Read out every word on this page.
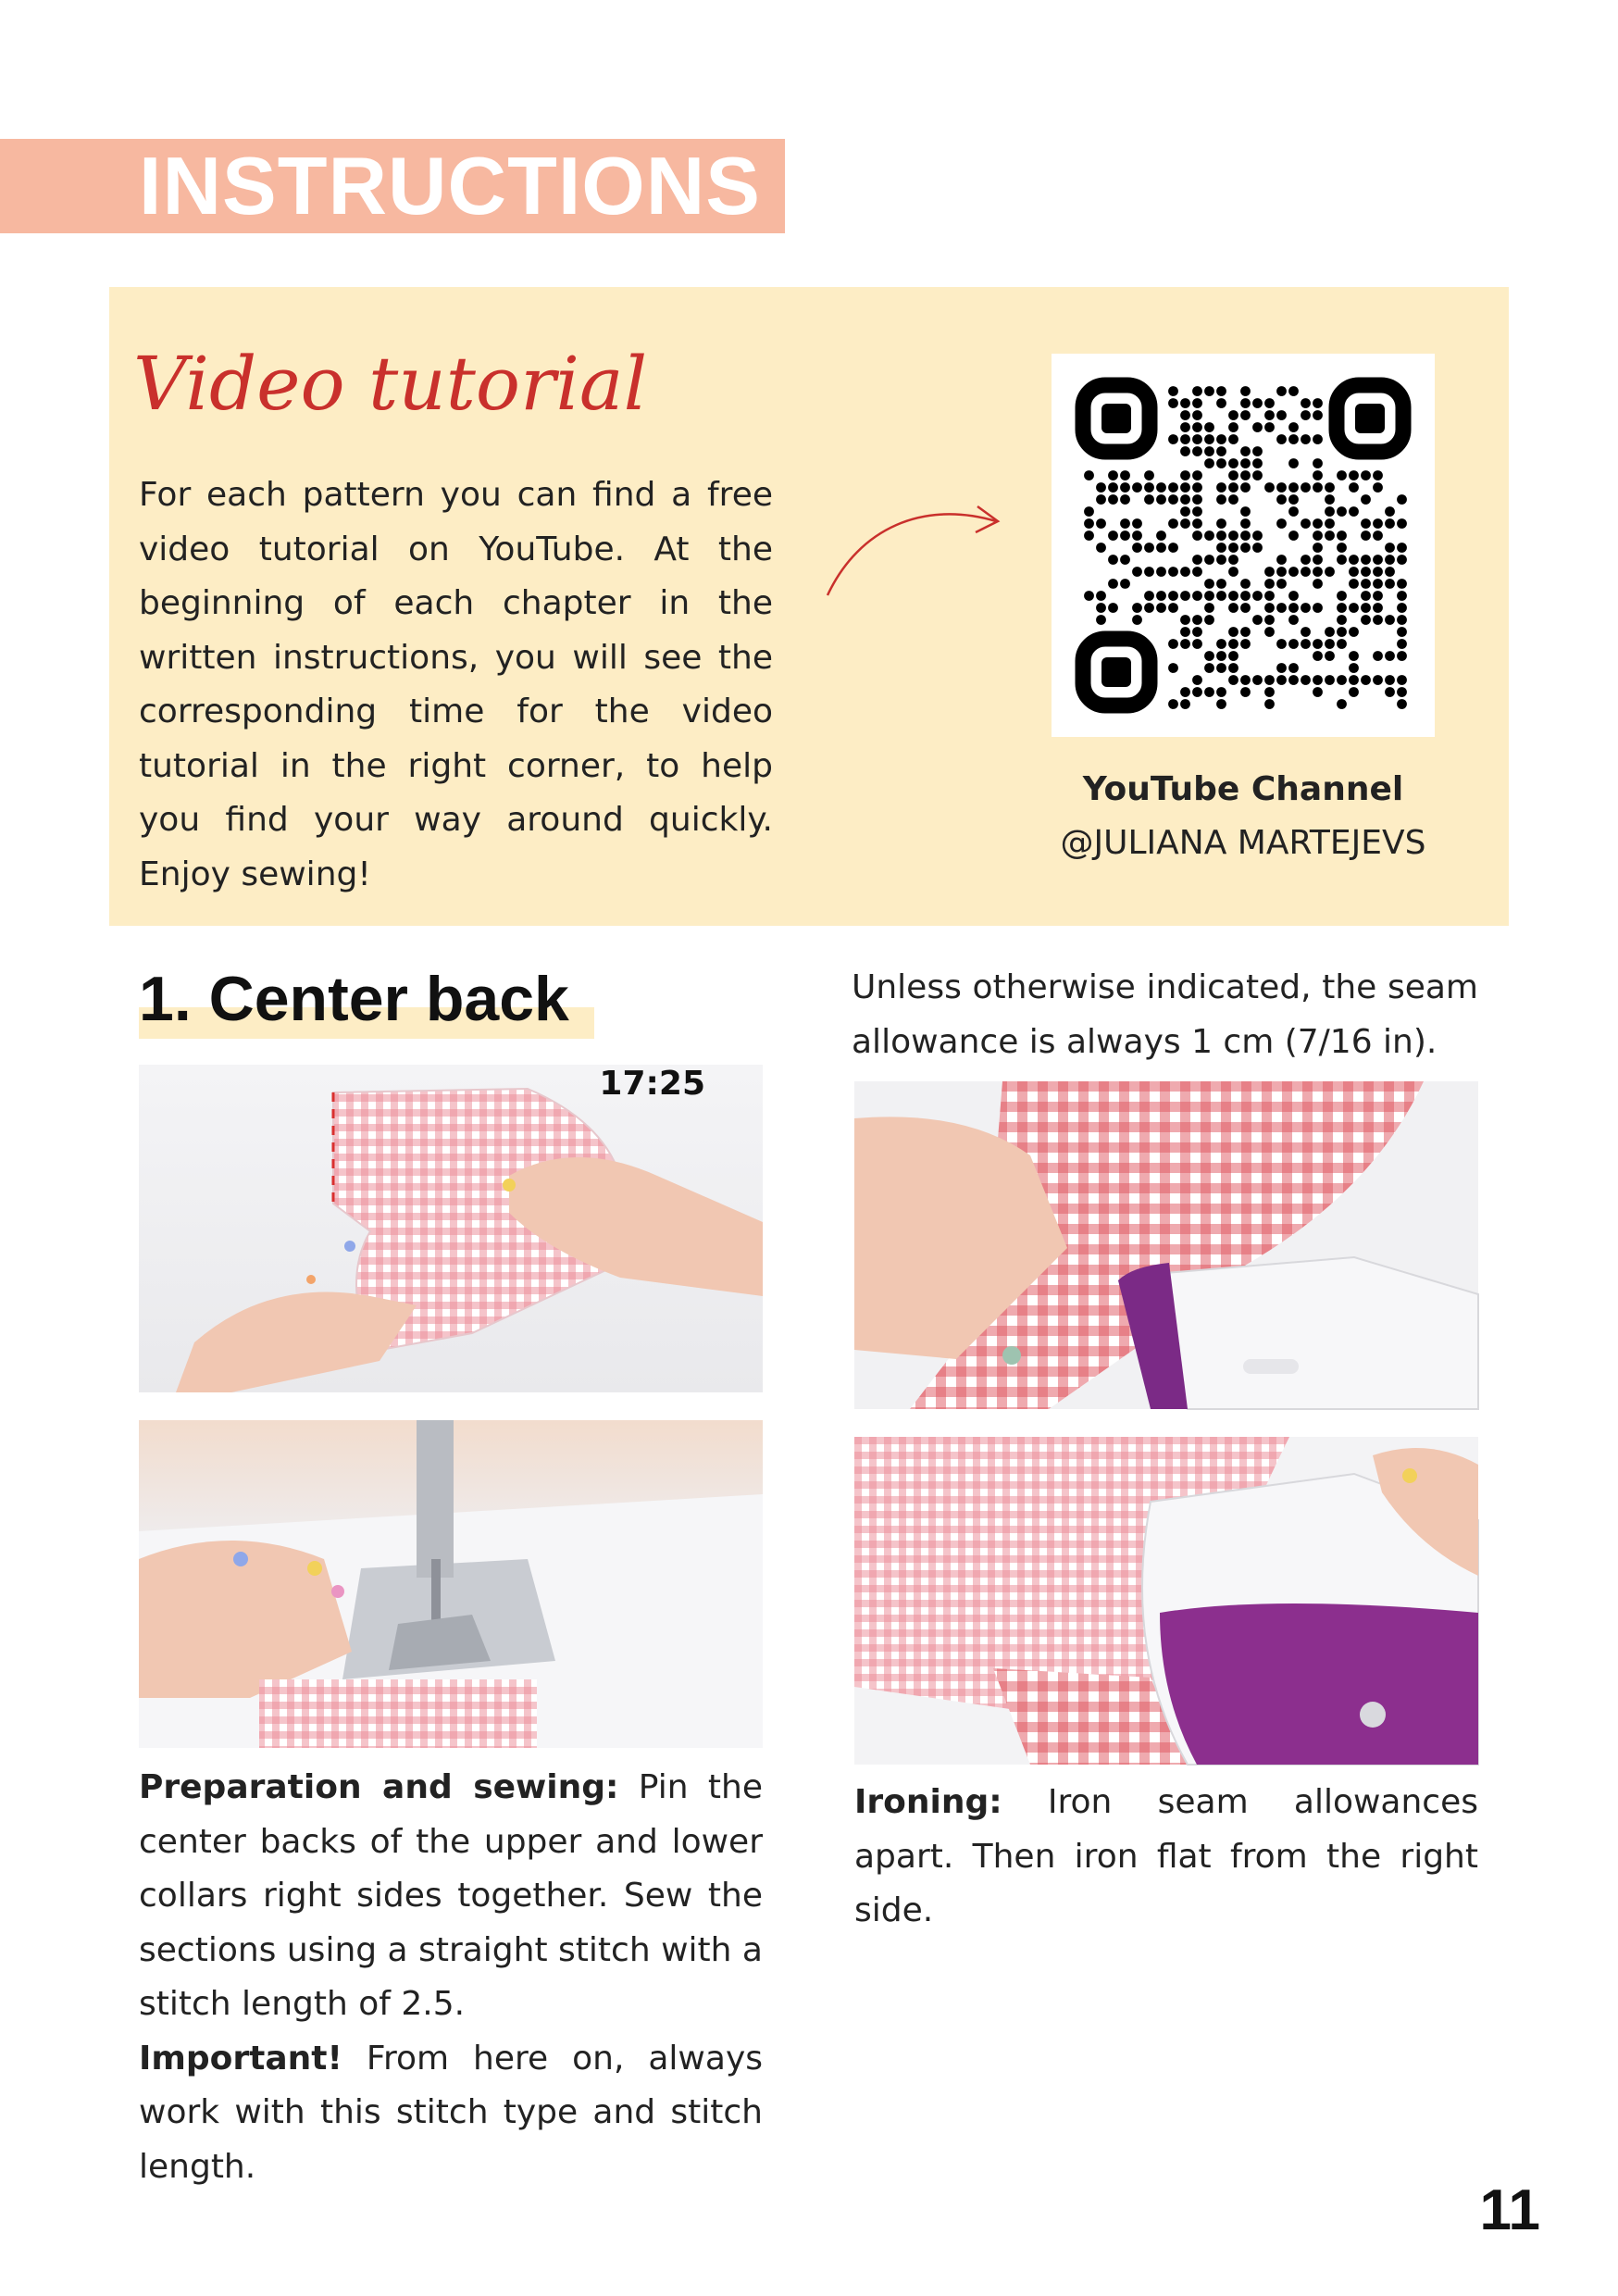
INSTRUCTIONS
Video tutorial
For each pattern you can find a free video tutorial on YouTube. At the beginning of each chapter in the written instructions, you will see the corresponding time for the video tutorial in the right corner, to help you find your way around quickly. Enjoy sewing!
YouTube Channel
@JULIANA MARTEJEVS
1. Center back	Unless otherwise indicated, the seam allowance is always 1 cm (7/16 in).
17:25
Preparation and sewing: Pin the center backs of the upper and lower collars right sides together. Sew the sections using a straight stitch with a stitch length of 2.5.
Important! From here on, always work with this stitch type and stitch length.
Ironing: Iron seam allowances apart. Then iron flat from the right side.
11
